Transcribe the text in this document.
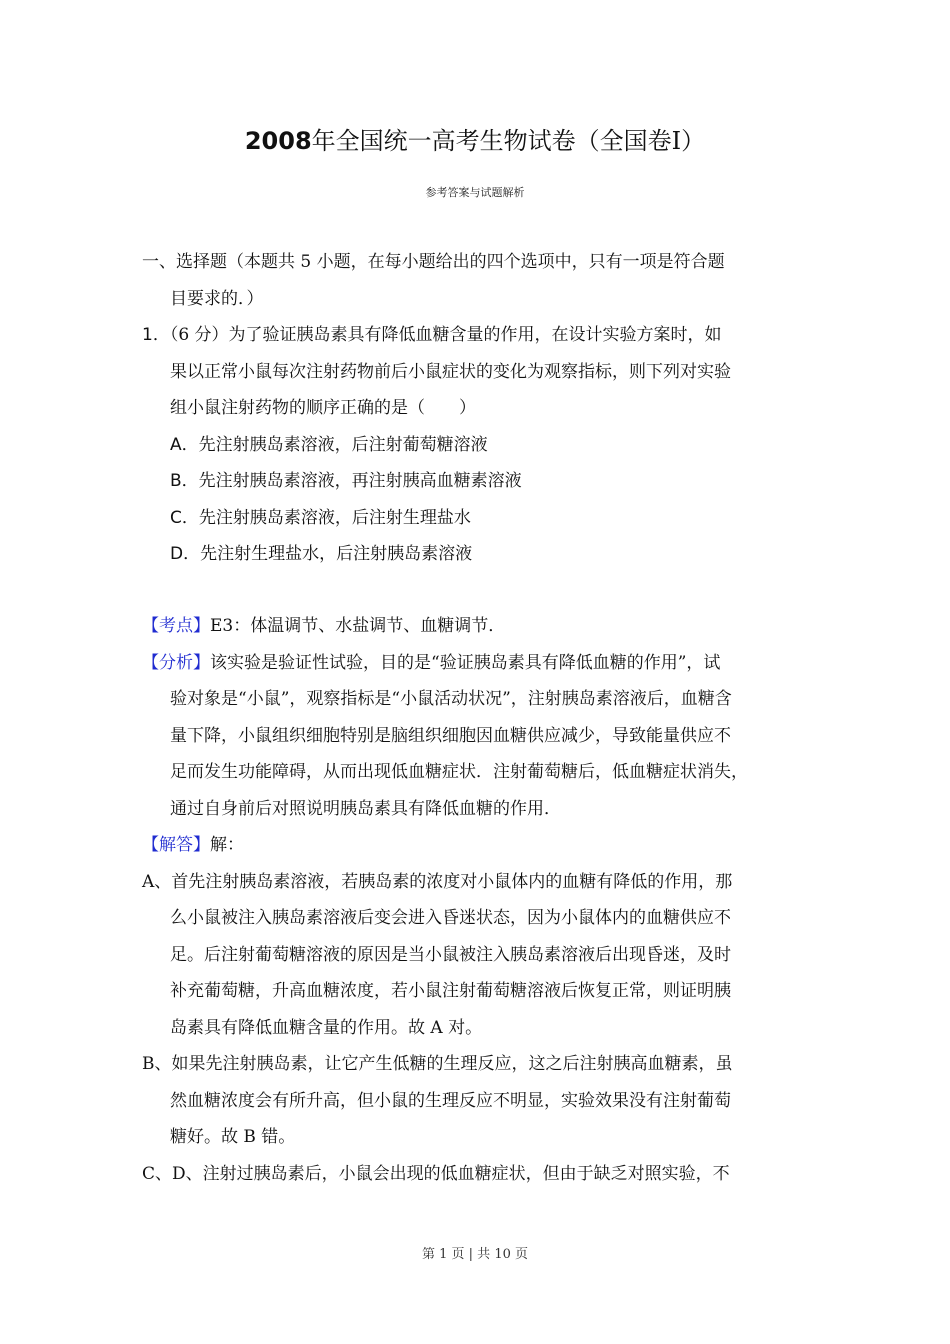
2008年全国统一高考生物试卷（全国卷Ⅰ）
参考答案与试题解析
一、选择题（本题共 5 小题，在每小题给出的四个选项中，只有一项是符合题
目要求的．）
1．（6 分）为了验证胰岛素具有降低血糖含量的作用，在设计实验方案时，如
果以正常小鼠每次注射药物前后小鼠症状的变化为观察指标，则下列对实验
组小鼠注射药物的顺序正确的是（　　）
A．先注射胰岛素溶液，后注射葡萄糖溶液
B．先注射胰岛素溶液，再注射胰高血糖素溶液
C．先注射胰岛素溶液，后注射生理盐水
D．先注射生理盐水，后注射胰岛素溶液
【考点】E3：体温调节、水盐调节、血糖调节．
【分析】该实验是验证性试验，目的是“验证胰岛素具有降低血糖的作用”，试
验对象是“小鼠”，观察指标是“小鼠活动状况”，注射胰岛素溶液后，血糖含
量下降，小鼠组织细胞特别是脑组织细胞因血糖供应减少，导致能量供应不
足而发生功能障碍，从而出现低血糖症状．注射葡萄糖后，低血糖症状消失，
通过自身前后对照说明胰岛素具有降低血糖的作用．
【解答】解：
A、首先注射胰岛素溶液，若胰岛素的浓度对小鼠体内的血糖有降低的作用，那
么小鼠被注入胰岛素溶液后变会进入昏迷状态，因为小鼠体内的血糖供应不
足。后注射葡萄糖溶液的原因是当小鼠被注入胰岛素溶液后出现昏迷，及时
补充葡萄糖，升高血糖浓度，若小鼠注射葡萄糖溶液后恢复正常，则证明胰
岛素具有降低血糖含量的作用。故 A 对。
B、如果先注射胰岛素，让它产生低糖的生理反应，这之后注射胰高血糖素，虽
然血糖浓度会有所升高，但小鼠的生理反应不明显，实验效果没有注射葡萄
糖好。故 B 错。
C、D、注射过胰岛素后，小鼠会出现的低血糖症状，但由于缺乏对照实验，不
第 1 页 | 共 10 页
